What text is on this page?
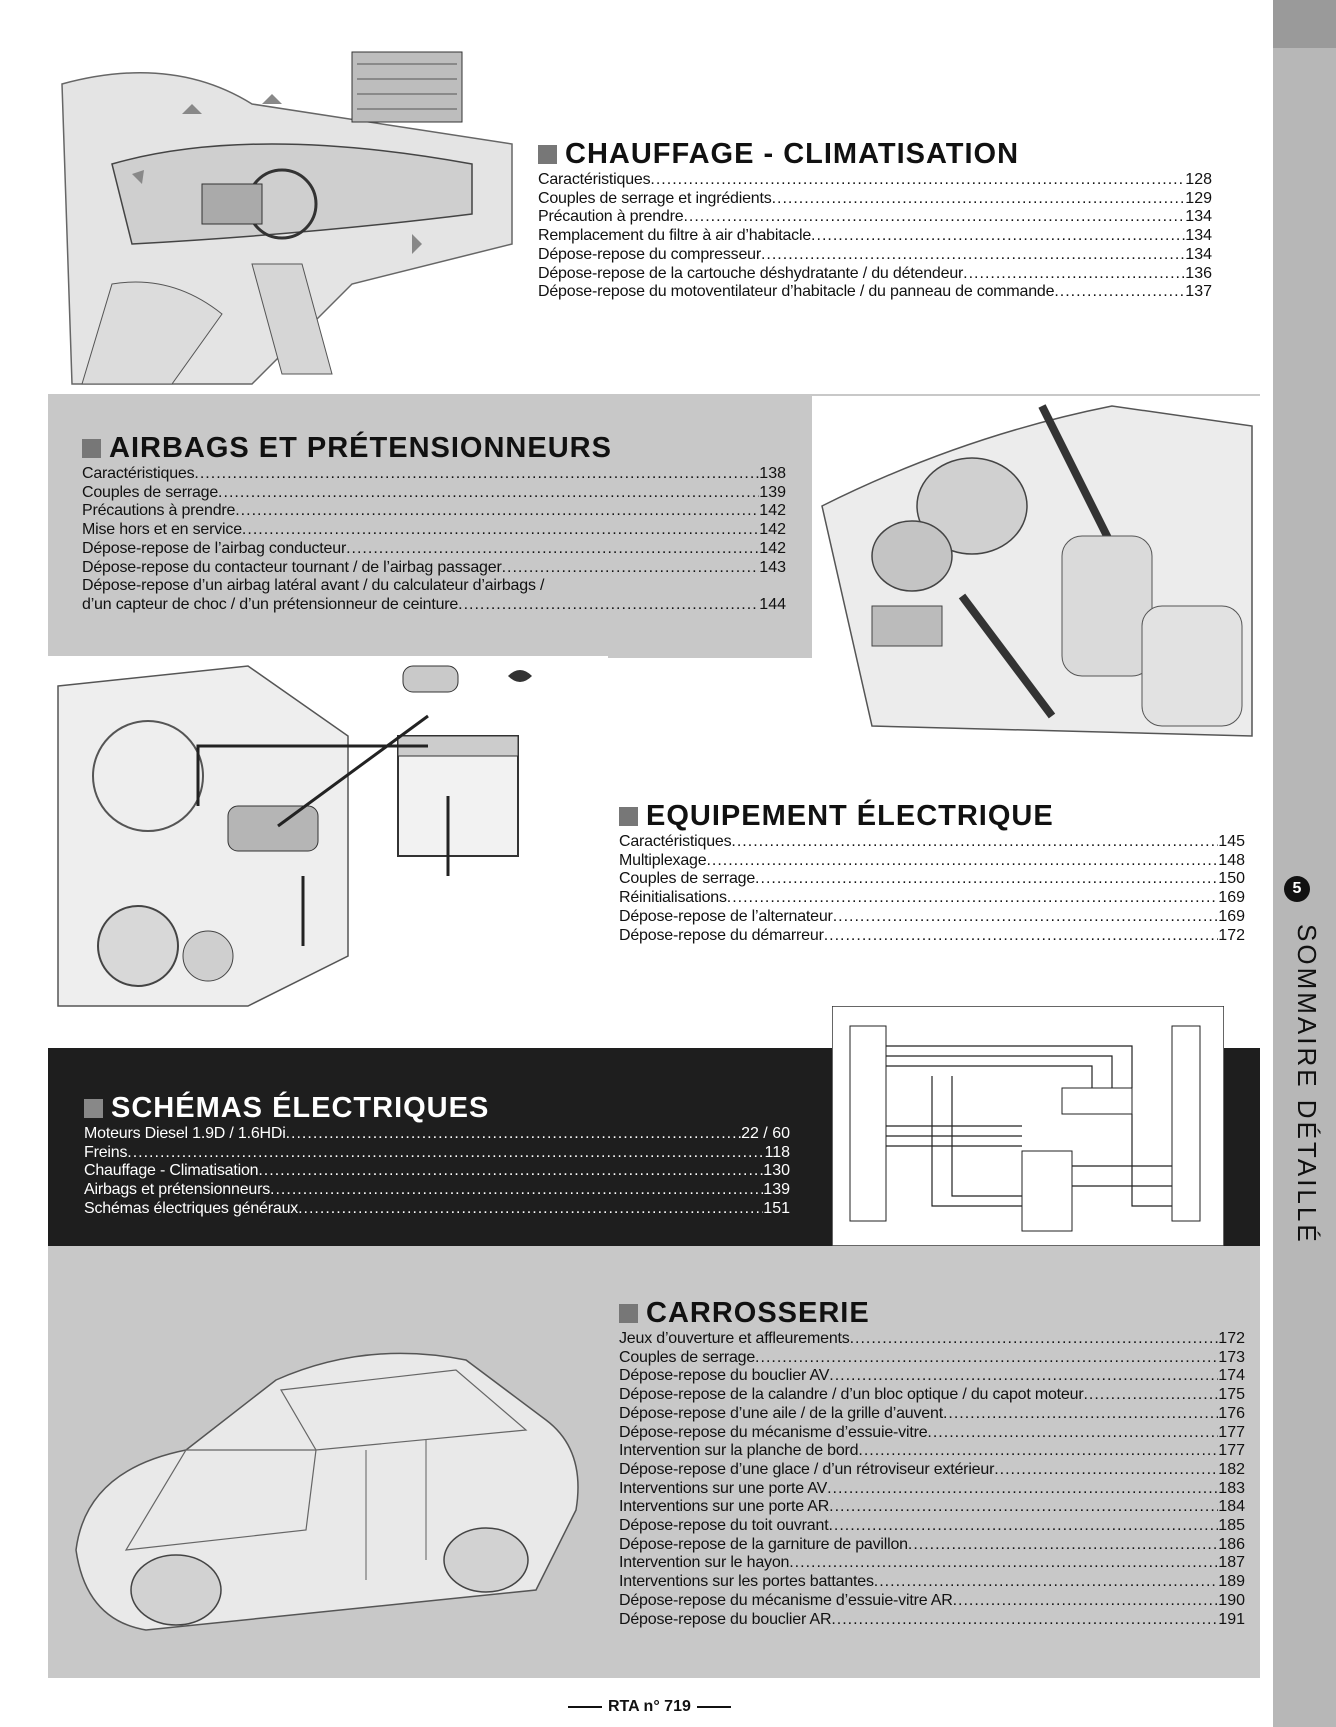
5
SOMMAIRE DÉTAILLÉ
CHAUFFAGE - CLIMATISATION
Caractéristiques .....	128
Couples de serrage et ingrédients .....	129
Précaution à prendre .....	134
Remplacement du filtre à air d’habitacle .....	134
Dépose-repose du compresseur .....	134
Dépose-repose de la cartouche déshydratante / du détendeur .....	136
Dépose-repose du motoventilateur d’habitacle / du panneau de commande .....	137
AIRBAGS ET PRÉTENSIONNEURS
Caractéristiques .....	138
Couples de serrage .....	139
Précautions à prendre .....	142
Mise hors et en service .....	142
Dépose-repose de l’airbag conducteur .....	142
Dépose-repose du contacteur tournant / de l’airbag passager .....	143
Dépose-repose d’un airbag latéral avant / du calculateur d’airbags /
d’un capteur de choc / d’un prétensionneur de ceinture .....	144
EQUIPEMENT ÉLECTRIQUE
Caractéristiques .....	145
Multiplexage .....	148
Couples de serrage .....	150
Réinitialisations .....	169
Dépose-repose de l’alternateur .....	169
Dépose-repose du démarreur .....	172
SCHÉMAS ÉLECTRIQUES
Moteurs Diesel 1.9D / 1.6HDi .....	22 / 60
Freins .....	118
Chauffage - Climatisation .....	130
Airbags et prétensionneurs .....	139
Schémas électriques généraux .....	151
CARROSSERIE
Jeux d’ouverture et affleurements .....	172
Couples de serrage .....	173
Dépose-repose du bouclier AV .....	174
Dépose-repose de la calandre / d’un bloc optique / du capot moteur .....	175
Dépose-repose d’une aile / de la grille d’auvent .....	176
Dépose-repose du mécanisme d’essuie-vitre .....	177
Intervention sur la planche de bord .....	177
Dépose-repose d’une glace / d’un rétroviseur extérieur .....	182
Interventions sur une porte AV .....	183
Interventions sur une porte AR .....	184
Dépose-repose du toit ouvrant .....	185
Dépose-repose de la garniture de pavillon .....	186
Intervention sur le hayon .....	187
Interventions sur les portes battantes .....	189
Dépose-repose du mécanisme d’essuie-vitre AR .....	190
Dépose-repose du bouclier AR .....	191
RTA n° 719
